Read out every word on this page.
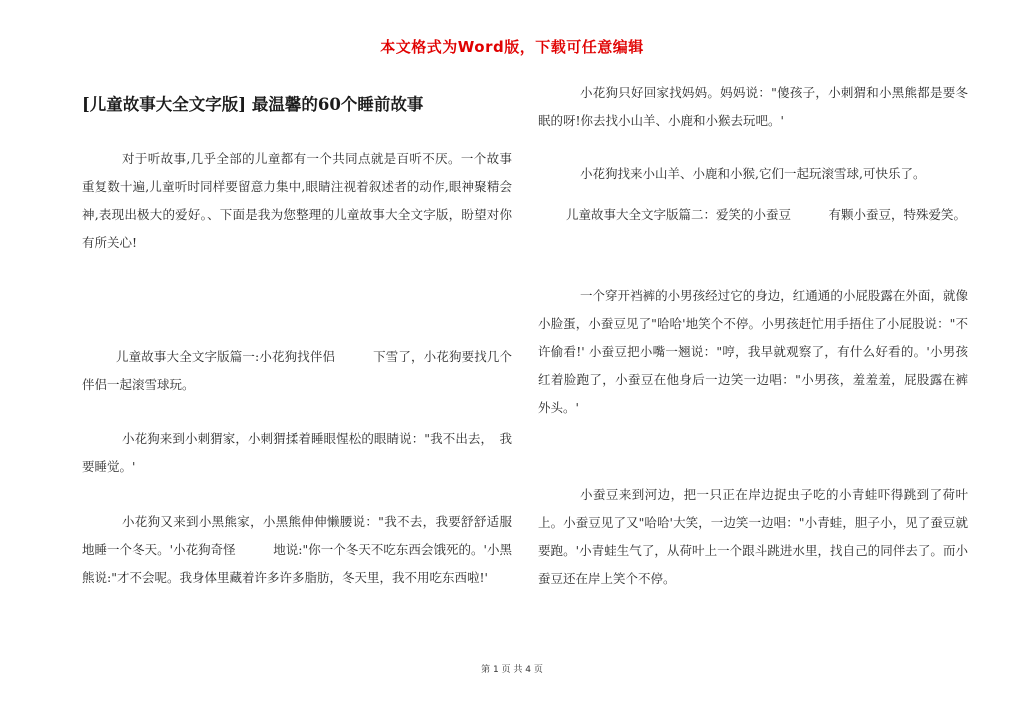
本文格式为Word版，下载可任意编辑
[儿童故事大全文字版] 最温馨的60个睡前故事
对于听故事,几乎全部的儿童都有一个共同点就是百听不厌。一个故事重复数十遍,儿童听时同样要留意力集中,眼睛注视着叙述者的动作,眼神聚精会神,表现出极大的爱好。、下面是我为您整理的儿童故事大全文字版，盼望对你有所关心!
儿童故事大全文字版篇一:小花狗找伴侣　　　下雪了，小花狗要找几个伴侣一起滚雪球玩。
小花狗来到小刺猬家，小刺猬揉着睡眼惺松的眼睛说："我不出去，　我要睡觉。'
小花狗又来到小黑熊家，小黑熊伸伸懒腰说："我不去，我要舒舒适服地睡一个冬天。'小花狗奇怪　　　地说:"你一个冬天不吃东西会饿死的。'小黑熊说:"才不会呢。我身体里藏着许多许多脂肪，冬天里，我不用吃东西啦!'
小花狗只好回家找妈妈。妈妈说："傻孩子，小刺猬和小黑熊都是要冬眠的呀!你去找小山羊、小鹿和小猴去玩吧。'
小花狗找来小山羊、小鹿和小猴,它们一起玩滚雪球,可快乐了。
儿童故事大全文字版篇二：爱笑的小蚕豆　　　有颗小蚕豆，特殊爱笑。
一个穿开裆裤的小男孩经过它的身边，红通通的小屁股露在外面，就像小脸蛋，小蚕豆见了"哈哈'地笑个不停。小男孩赶忙用手捂住了小屁股说："不许偷看!' 小蚕豆把小嘴一翘说："哼，我早就观察了，有什么好看的。'小男孩红着脸跑了，小蚕豆在他身后一边笑一边唱："小男孩，羞羞羞，屁股露在裤外头。'
小蚕豆来到河边，把一只正在岸边捉虫子吃的小青蛙吓得跳到了荷叶上。小蚕豆见了又"哈哈'大笑，一边笑一边唱："小青蛙，胆子小，见了蚕豆就要跑。'小青蛙生气了，从荷叶上一个跟斗跳进水里，找自己的同伴去了。而小蚕豆还在岸上笑个不停。
第 1 页 共 4 页
